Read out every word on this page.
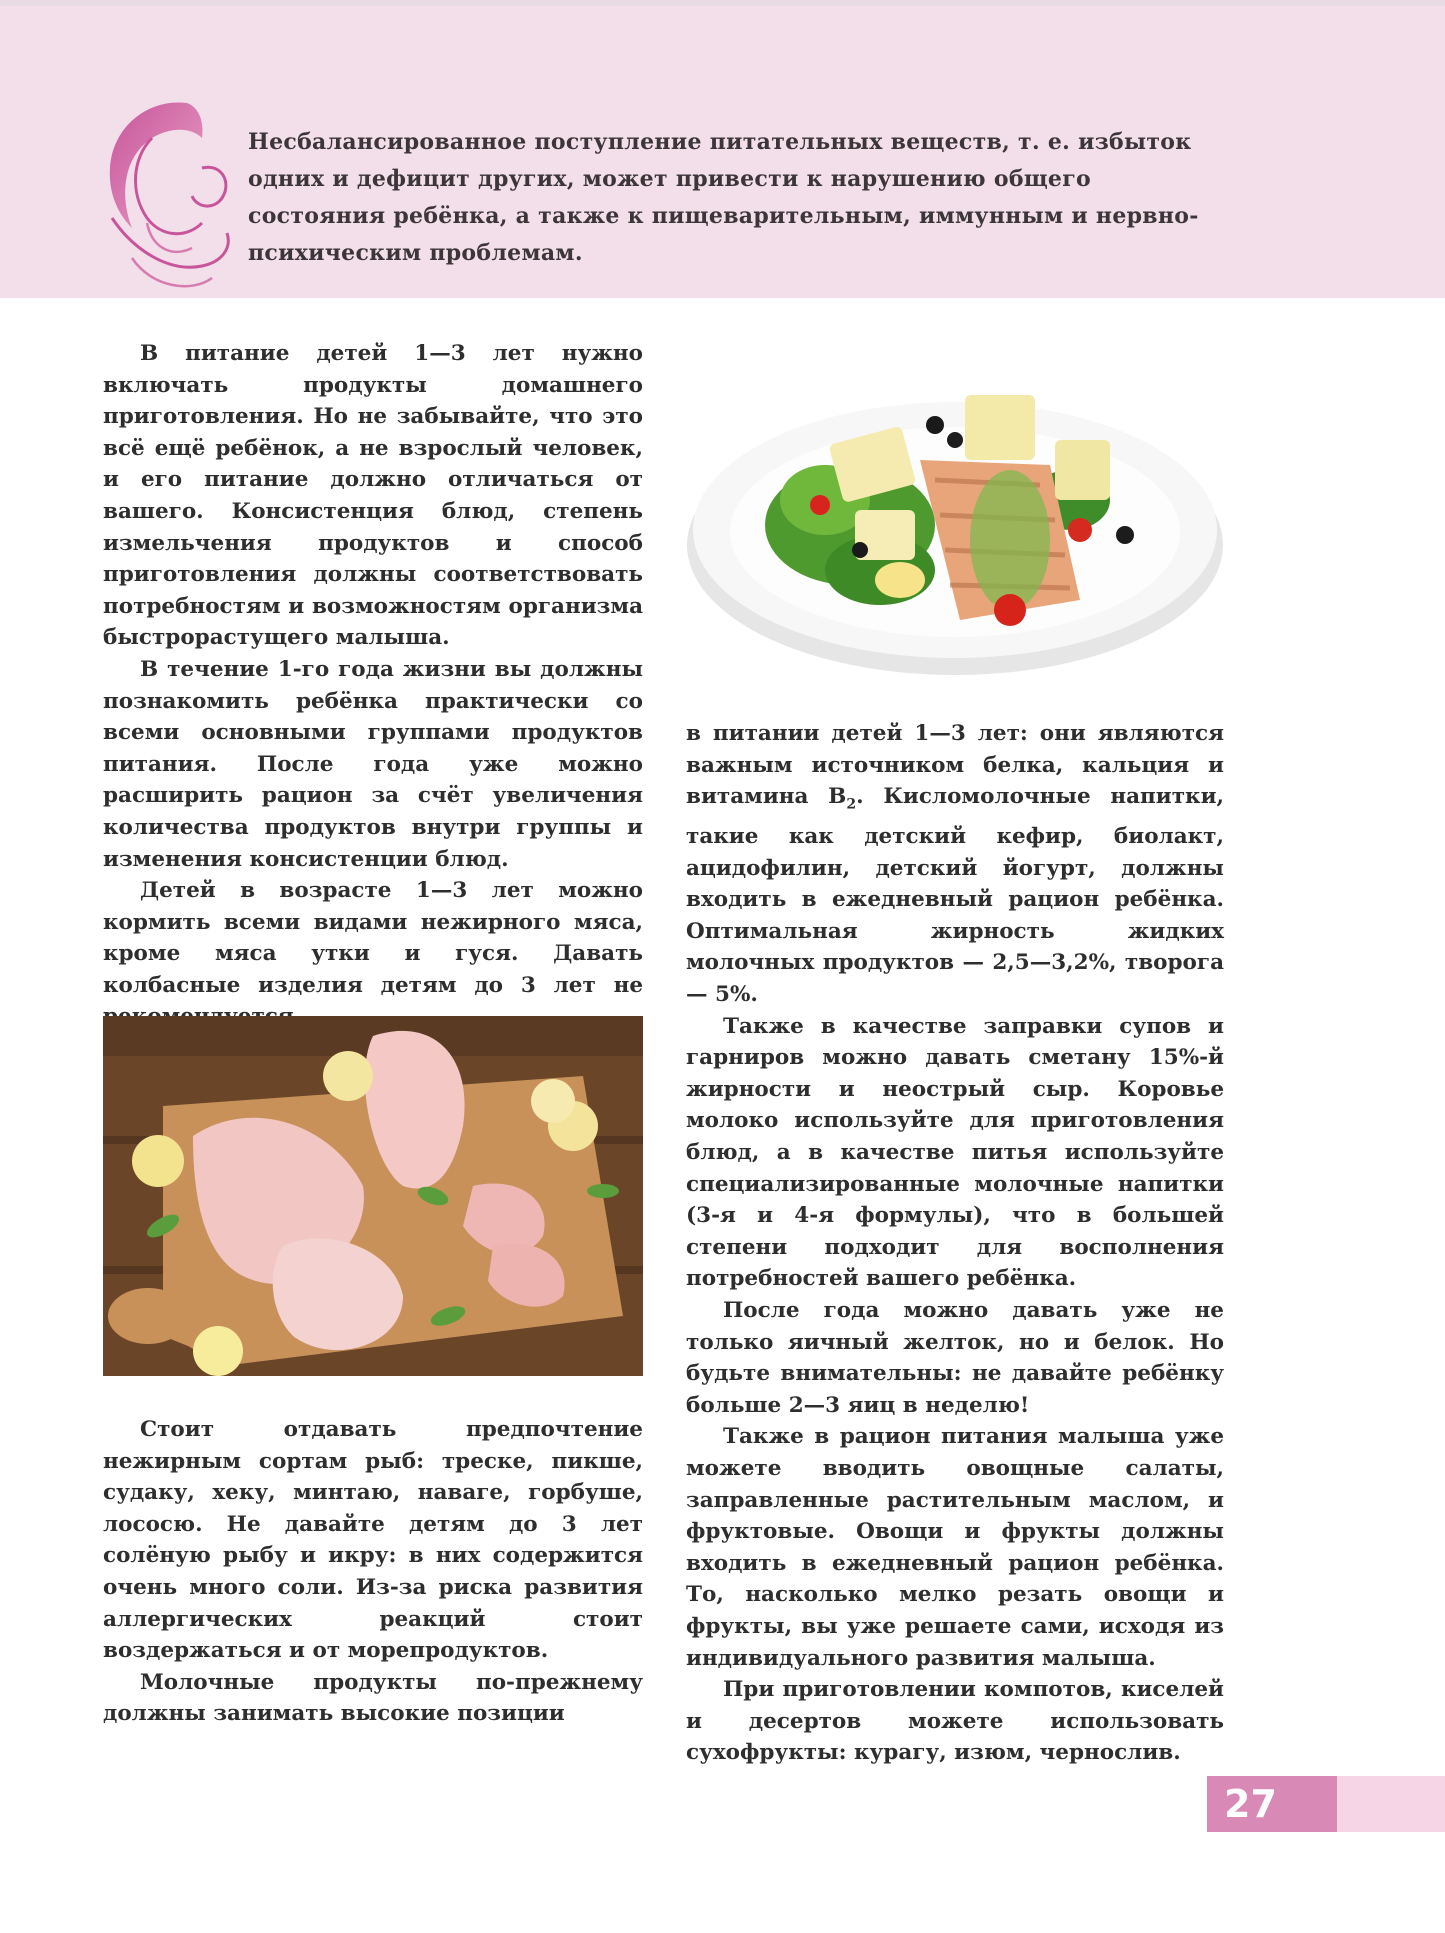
Несбалансированное поступление питательных веществ, т. е. избыток одних и дефицит других, может привести к нарушению общего состояния ребёнка, а также к пищеварительным, иммунным и нервно-психическим проблемам.

В питание детей 1—3 лет нужно включать продукты домашнего приготовления. Но не забывайте, что это всё ещё ребёнок, а не взрослый человек, и его питание должно отличаться от вашего. Консистенция блюд, степень измельчения продуктов и способ приготовления должны соответствовать потребностям и возможностям организма быстрорастущего малыша.

В течение 1-го года жизни вы должны познакомить ребёнка практически со всеми основными группами продуктов питания. После года уже можно расширить рацион за счёт увеличения количества продуктов внутри группы и изменения консистенции блюд.

Детей в возрасте 1—3 лет можно кормить всеми видами нежирного мяса, кроме мяса утки и гуся. Давать колбасные изделия детям до 3 лет не

Стоит отдавать предпочтение нежирным сортам рыб: треске, пикше, судаку, хеку, минтаю, навагe, горбуше, лососю. Не давайте детям до 3 лет солёную рыбу и икру: в них содержится очень много соли. Из-за риска развития аллергических реакций стоит воздержаться и от морепродуктов.

Молочные продукты по-прежнему должны занимать высокие позиции

в питании детей 1—3 лет: они являются важным источником белка, кальция и витамина $B_2$. Кисломолочные напитки, такие как детский кефир, биолакт, ацидофилин, детский йогурт, должны входить в ежедневный рацион ребёнка. Оптимальная жирность жидких молочных продуктов — 2,5—3,2%, творога — 5%.

Также в качестве заправки супов и гарниров можно давать сметану 15%-й жирности и неострый сыр. Коровье молоко используйте для приготовления блюд, а в качестве питья используйте специализированные молочные напитки (3-я и 4-я формулы), что в большей степени подходит для восполнения потребностей вашего ребёнка.

После года можно давать уже не только яичный желток, но и белок. Но будьте внимательны: не давайте ребёнку больше 2—3 яиц в неделю!

Также в рацион питания малыша уже можете вводить овощные салаты, заправленные растительным маслом, и фруктовые. Овощи и фрукты должны входить в ежедневный рацион ребёнка. То, насколько мелко резать овощи и фрукты, вы уже решаете сами, исходя из индивидуального развития малыша.

При приготовлении компотов, киселей и десертов можете использовать сухофрукты: курагу, изюм, чернослив.

27
